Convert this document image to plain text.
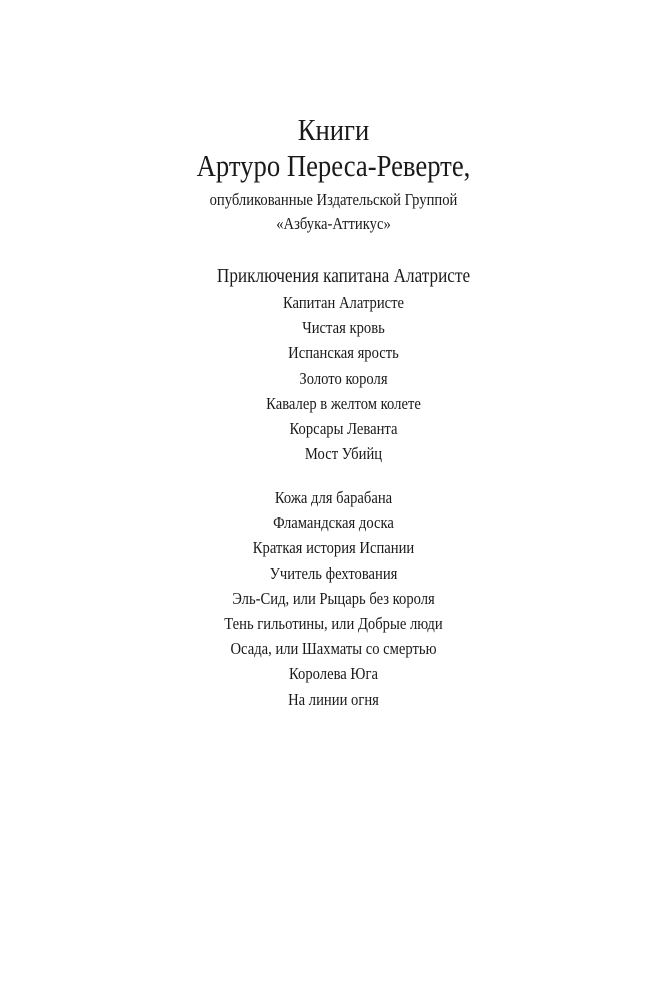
Книги
Артуро Переса-Реверте,
опубликованные Издательской Группой
«Азбука-Аттикус»
Приключения капитана Алатристе
Капитан Алатристе
Чистая кровь
Испанская ярость
Золото короля
Кавалер в желтом колете
Корсары Леванта
Мост Убийц
Кожа для барабана
Фламандская доска
Краткая история Испании
Учитель фехтования
Эль-Сид, или Рыцарь без короля
Тень гильотины, или Добрые люди
Осада, или Шахматы со смертью
Королева Юга
На линии огня
